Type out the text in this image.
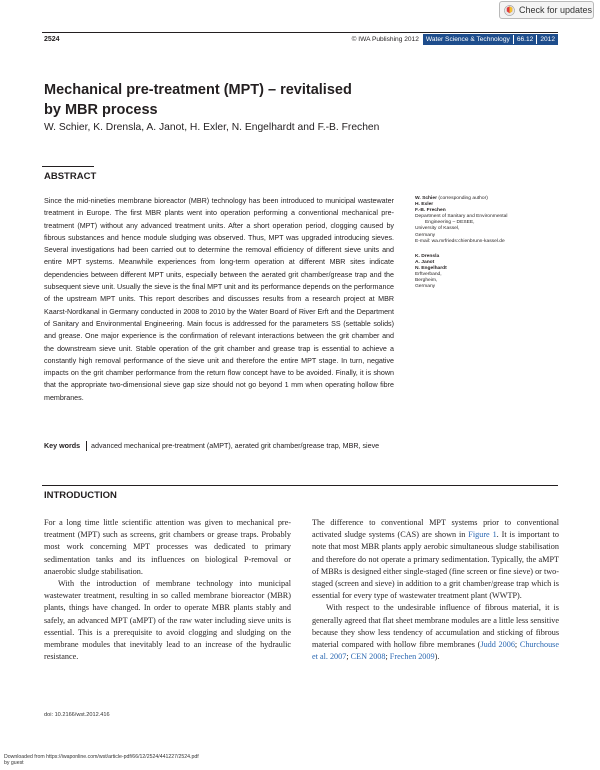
Check for updates
2524	© IWA Publishing 2012	Water Science & Technology	66.12	2012
Mechanical pre-treatment (MPT) – revitalised
by MBR process
W. Schier, K. Drensla, A. Janot, H. Exler, N. Engelhardt and F.-B. Frechen
ABSTRACT
Since the mid-nineties membrane bioreactor (MBR) technology has been introduced to municipal wastewater treatment in Europe. The first MBR plants went into operation performing a conventional mechanical pre-treatment (MPT) without any advanced treatment units. After a short operation period, clogging caused by fibrous substances and hence module sludging was observed. Thus, MPT was upgraded introducing sieves. Several investigations had been carried out to determine the removal efficiency of different sieve units and entire MPT systems. Meanwhile experiences from long-term operation at different MBR sites indicate dependencies between different MPT units, especially between the aerated grit chamber/grease trap and the subsequent sieve unit. Usually the sieve is the final MPT unit and its performance depends on the performance of the upstream MPT units. This report describes and discusses results from a research project at MBR Kaarst-Nordkanal in Germany conducted in 2008 to 2010 by the Water Board of River Erft and the Department of Sanitary and Environmental Engineering. Main focus is addressed for the parameters SS (settable solids) and grease. One major experience is the confirmation of relevant interactions between the grit chamber and the downstream sieve unit. Stable operation of the grit chamber and grease trap is essential to achieve a constantly high removal performance of the sieve unit and therefore the entire MPT stage. In turn, negative impacts on the grit chamber performance from the return flow concept have to be avoided. Finally, it is shown that the appropriate two-dimensional sieve gap size should not go beyond 1 mm when operating hollow fibre membranes.
Key words	advanced mechanical pre-treatment (aMPT), aerated grit chamber/grease trap, MBR, sieve
W. Schier (corresponding author)
H. Exler
F.-B. Frechen
Department of Sanitary and Environmental
Engineering – DESEE,
University of Kassel,
Germany
E-mail: wa.mrfrieds:chienbrunn-kassel.de
K. Drensla
A. Janot
N. Engelhardt
Erftverband,
Bergheim,
Germany
INTRODUCTION

For a long time little scientific attention was given to mechanical pre-treatment (MPT) such as screens, grit chambers or grease traps. Probably most work concerning MPT processes was dedicated to primary sedimentation tanks and its influences on biological P-removal or anaerobic sludge stabilisation.

With the introduction of membrane technology into municipal wastewater treatment, resulting in so called membrane bioreactor (MBR) plants, things have changed. In order to operate MBR plants stably and safely, an advanced MPT (aMPT) of the raw water including sieve units is essential. This is a prerequisite to avoid clogging and sludging on the membrane modules that inevitably lead to an increase of the hydraulic resistance.

The difference to conventional MPT systems prior to conventional activated sludge systems (CAS) are shown in Figure 1. It is important to note that most MBR plants apply aerobic simultaneous sludge stabilisation and therefore do not operate a primary sedimentation. Typically, the aMPT of MBRs is designed either single-staged (fine screen or fine sieve) or two-staged (screen and sieve) in addition to a grit chamber/grease trap which is essential for every type of wastewater treatment plant (WWTP).

With respect to the undesirable influence of fibrous material, it is generally agreed that flat sheet membrane modules are a little less sensitive because they show less tendency of accumulation and sticking of fibrous material compared with hollow fibre membranes (Judd 2006; Churchouse et al. 2007; CEN 2008; Frechen 2009).

doi: 10.2166/wst.2012.416
Downloaded from https://iwaponline.com/wst/article-pdf/66/12/2524/441227/2524.pdf
by guest
